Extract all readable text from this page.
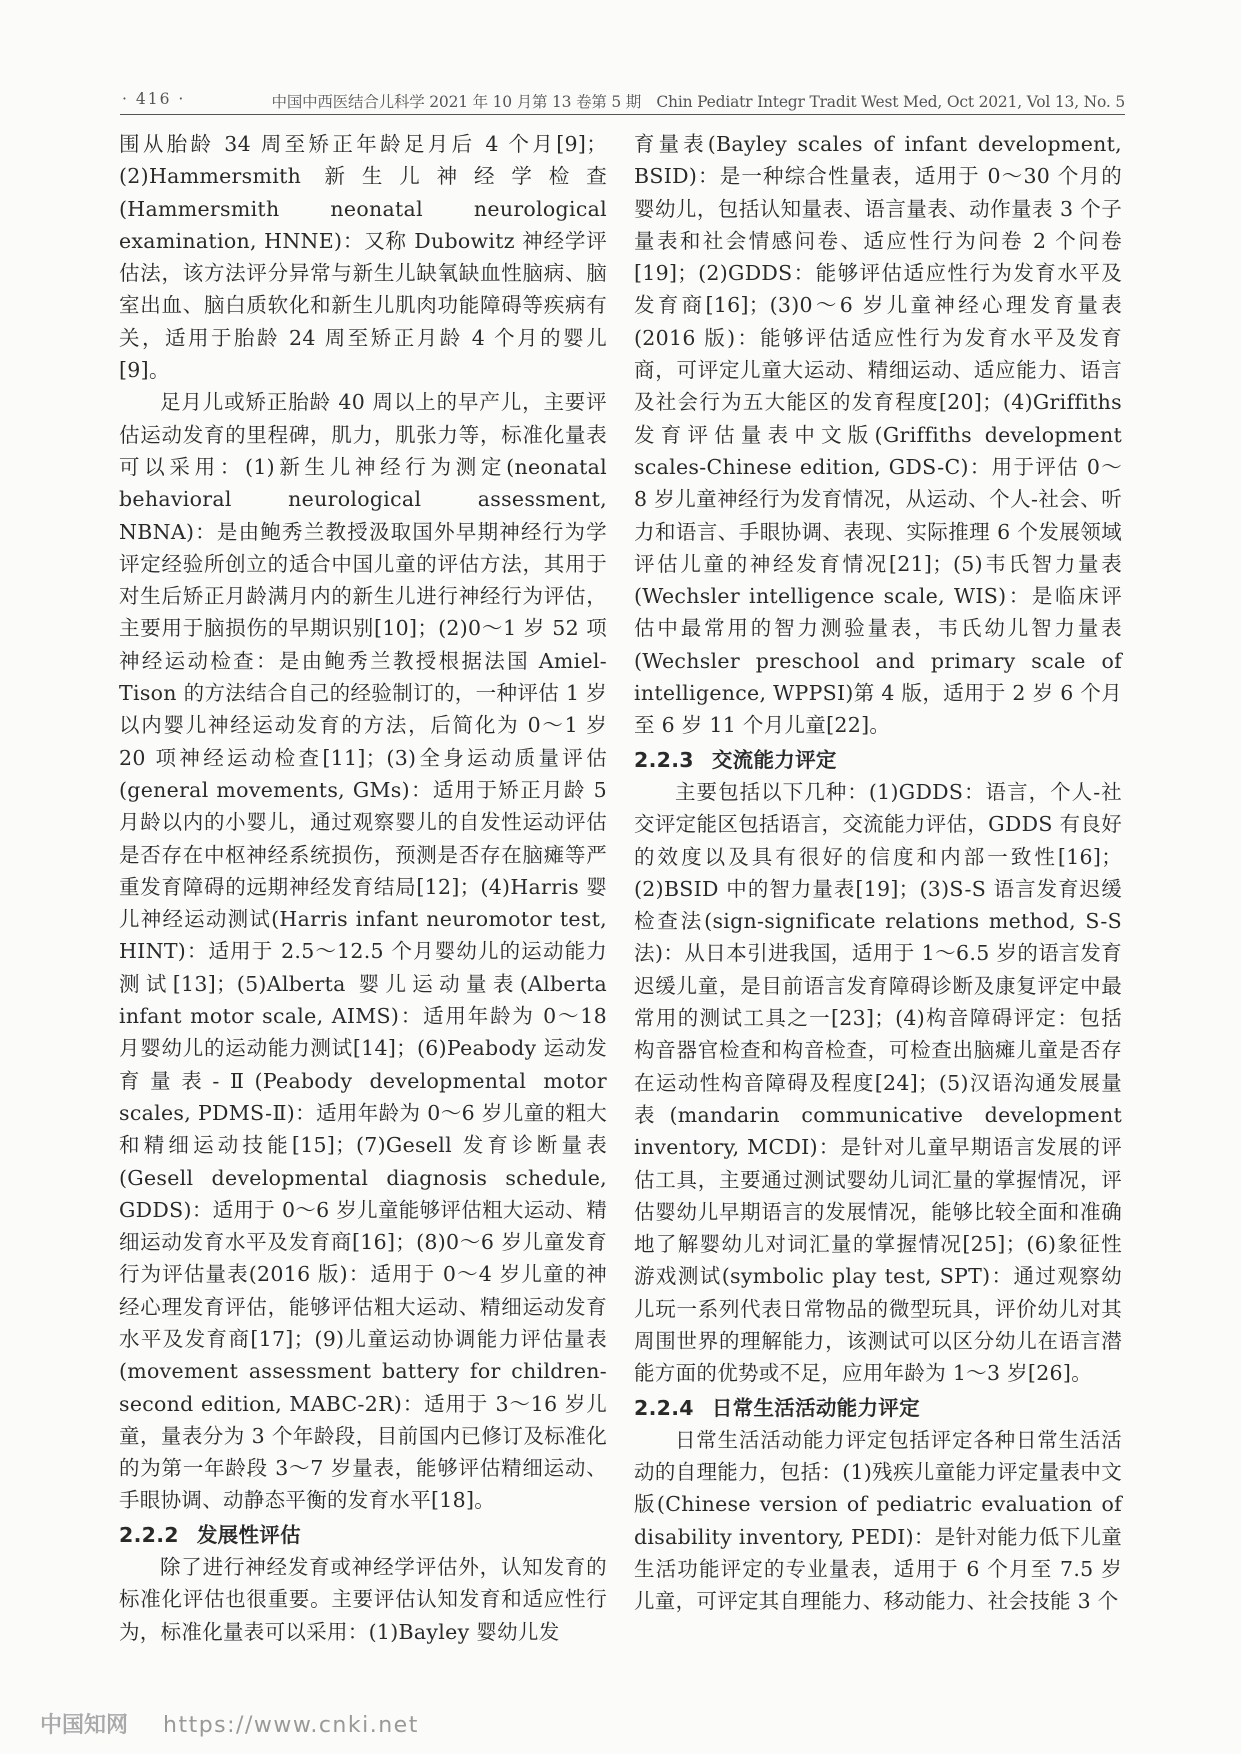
· 416 ·	中国中西医结合儿科学 2021 年 10 月第 13 卷第 5 期　Chin Pediatr Integr Tradit West Med, Oct 2021, Vol 13, No. 5

围从胎龄 34 周至矫正年龄足月后 4 个月[9]；(2)Hammersmith 新生儿神经学检查(Hammersmith neonatal neurological examination, HNNE)：又称 Dubowitz 神经学评估法，该方法评分异常与新生儿缺氧缺血性脑病、脑室出血、脑白质软化和新生儿肌肉功能障碍等疾病有关，适用于胎龄 24 周至矫正月龄 4 个月的婴儿[9]。

足月儿或矫正胎龄 40 周以上的早产儿，主要评估运动发育的里程碑，肌力，肌张力等，标准化量表可以采用：(1)新生儿神经行为测定(neonatal behavioral neurological assessment, NBNA)：是由鲍秀兰教授汲取国外早期神经行为学评定经验所创立的适合中国儿童的评估方法，其用于对生后矫正月龄满月内的新生儿进行神经行为评估，主要用于脑损伤的早期识别[10]；(2)0～1 岁 52 项神经运动检查：是由鲍秀兰教授根据法国 Amiel-Tison 的方法结合自己的经验制订的，一种评估 1 岁以内婴儿神经运动发育的方法，后简化为 0～1 岁 20 项神经运动检查[11]；(3)全身运动质量评估(general movements, GMs)：适用于矫正月龄 5 月龄以内的小婴儿，通过观察婴儿的自发性运动评估是否存在中枢神经系统损伤，预测是否存在脑瘫等严重发育障碍的远期神经发育结局[12]；(4)Harris 婴儿神经运动测试(Harris infant neuromotor test, HINT)：适用于 2.5～12.5 个月婴幼儿的运动能力测试[13]；(5)Alberta 婴儿运动量表(Alberta infant motor scale, AIMS)：适用年龄为 0～18 月婴幼儿的运动能力测试[14]；(6)Peabody 运动发育量表-Ⅱ(Peabody developmental motor scales, PDMS-Ⅱ)：适用年龄为 0～6 岁儿童的粗大和精细运动技能[15]；(7)Gesell 发育诊断量表(Gesell developmental diagnosis schedule, GDDS)：适用于 0～6 岁儿童能够评估粗大运动、精细运动发育水平及发育商[16]；(8)0～6 岁儿童发育行为评估量表(2016 版)：适用于 0～4 岁儿童的神经心理发育评估，能够评估粗大运动、精细运动发育水平及发育商[17]；(9)儿童运动协调能力评估量表(movement assessment battery for children-second edition, MABC-2R)：适用于 3～16 岁儿童，量表分为 3 个年龄段，目前国内已修订及标准化的为第一年龄段 3～7 岁量表，能够评估精细运动、手眼协调、动静态平衡的发育水平[18]。

2.2.2 发展性评估

除了进行神经发育或神经学评估外，认知发育的标准化评估也很重要。主要评估认知发育和适应性行为，标准化量表可以采用：(1)Bayley 婴幼儿发

育量表(Bayley scales of infant development, BSID)：是一种综合性量表，适用于 0～30 个月的婴幼儿，包括认知量表、语言量表、动作量表 3 个子量表和社会情感问卷、适应性行为问卷 2 个问卷[19]；(2)GDDS：能够评估适应性行为发育水平及发育商[16]；(3)0～6 岁儿童神经心理发育量表(2016 版)：能够评估适应性行为发育水平及发育商，可评定儿童大运动、精细运动、适应能力、语言及社会行为五大能区的发育程度[20]；(4)Griffiths 发育评估量表中文版(Griffiths development scales-Chinese edition, GDS-C)：用于评估 0～8 岁儿童神经行为发育情况，从运动、个人-社会、听力和语言、手眼协调、表现、实际推理 6 个发展领域评估儿童的神经发育情况[21]；(5)韦氏智力量表(Wechsler intelligence scale, WIS)：是临床评估中最常用的智力测验量表，韦氏幼儿智力量表(Wechsler preschool and primary scale of intelligence, WPPSI)第 4 版，适用于 2 岁 6 个月至 6 岁 11 个月儿童[22]。

2.2.3 交流能力评定

主要包括以下几种：(1)GDDS：语言，个人-社交评定能区包括语言，交流能力评估，GDDS 有良好的效度以及具有很好的信度和内部一致性[16]；(2)BSID 中的智力量表[19]；(3)S-S 语言发育迟缓检查法(sign-significate relations method, S-S 法)：从日本引进我国，适用于 1～6.5 岁的语言发育迟缓儿童，是目前语言发育障碍诊断及康复评定中最常用的测试工具之一[23]；(4)构音障碍评定：包括构音器官检查和构音检查，可检查出脑瘫儿童是否存在运动性构音障碍及程度[24]；(5)汉语沟通发展量表(mandarin communicative development inventory, MCDI)：是针对儿童早期语言发展的评估工具，主要通过测试婴幼儿词汇量的掌握情况，评估婴幼儿早期语言的发展情况，能够比较全面和准确地了解婴幼儿对词汇量的掌握情况[25]；(6)象征性游戏测试(symbolic play test, SPT)：通过观察幼儿玩一系列代表日常物品的微型玩具，评价幼儿对其周围世界的理解能力，该测试可以区分幼儿在语言潜能方面的优势或不足，应用年龄为 1～3 岁[26]。

2.2.4 日常生活活动能力评定

日常生活活动能力评定包括评定各种日常生活活动的自理能力，包括：(1)残疾儿童能力评定量表中文版(Chinese version of pediatric evaluation of disability inventory, PEDI)：是针对能力低下儿童生活功能评定的专业量表，适用于 6 个月至 7.5 岁儿童，可评定其自理能力、移动能力、社会技能 3 个

中国知网 https://www.cnki.net
